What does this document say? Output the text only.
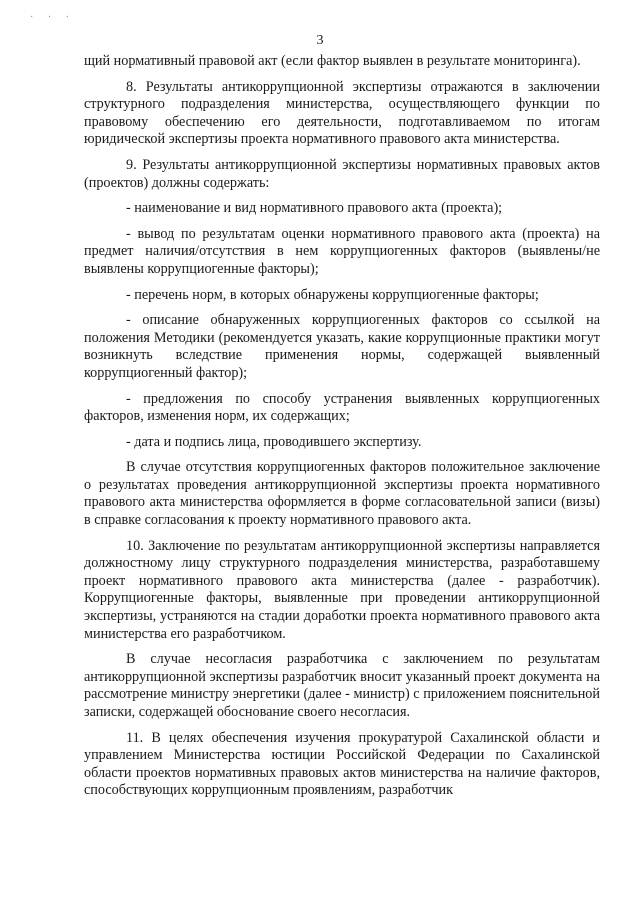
· · ·
3

щий нормативный правовой акт (если фактор выявлен в результате мониторинга).

8. Результаты антикоррупционной экспертизы отражаются в заключении структурного подразделения министерства, осуществляющего функции по правовому обеспечению его деятельности, подготавливаемом по итогам юридической экспертизы проекта нормативного правового акта министерства.

9. Результаты антикоррупционной экспертизы нормативных правовых актов (проектов) должны содержать:

- наименование и вид нормативного правового акта (проекта);

- вывод по результатам оценки нормативного правового акта (проекта) на предмет наличия/отсутствия в нем коррупциогенных факторов (выявлены/не выявлены коррупциогенные факторы);

- перечень норм, в которых обнаружены коррупциогенные факторы;

- описание обнаруженных коррупциогенных факторов со ссылкой на положения Методики (рекомендуется указать, какие коррупционные практики могут возникнуть вследствие применения нормы, содержащей выявленный коррупциогенный фактор);

- предложения по способу устранения выявленных коррупциогенных факторов, изменения норм, их содержащих;

- дата и подпись лица, проводившего экспертизу.

В случае отсутствия коррупциогенных факторов положительное заключение о результатах проведения антикоррупционной экспертизы проекта нормативного правового акта министерства оформляется в форме согласовательной записи (визы) в справке согласования к проекту нормативного правового акта.

10. Заключение по результатам антикоррупционной экспертизы направляется должностному лицу структурного подразделения министерства, разработавшему проект нормативного правового акта министерства (далее - разработчик). Коррупциогенные факторы, выявленные при проведении антикоррупционной экспертизы, устраняются на стадии доработки проекта нормативного правового акта министерства его разработчиком.

В случае несогласия разработчика с заключением по результатам антикоррупционной экспертизы разработчик вносит указанный проект документа на рассмотрение министру энергетики (далее - министр) с приложением пояснительной записки, содержащей обоснование своего несогласия.

11. В целях обеспечения изучения прокуратурой Сахалинской области и управлением Министерства юстиции Российской Федерации по Сахалинской области проектов нормативных правовых актов министерства на наличие факторов, способствующих коррупционным проявлениям, разработчик
